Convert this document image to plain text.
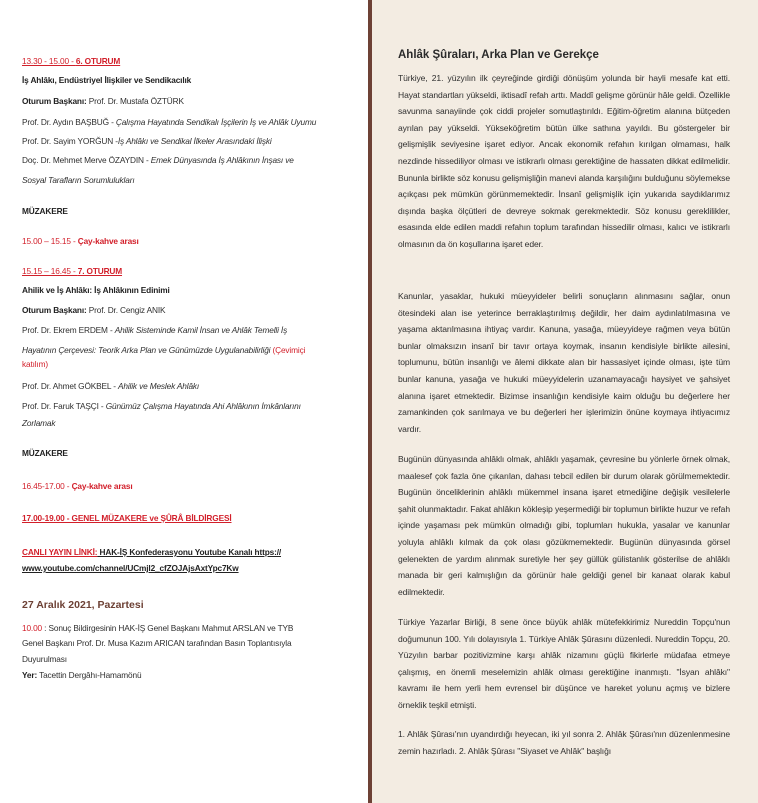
13.30 - 15.00 - 6. OTURUM
İş Ahlâkı, Endüstriyel İlişkiler ve Sendikacılık
Oturum Başkanı: Prof. Dr. Mustafa ÖZTÜRK
Prof. Dr. Aydın BAŞBUĞ - Çalışma Hayatında Sendikalı İşçilerin İş ve Ahlâk Uyumu
Prof. Dr. Sayim YORĞUN -İş Ahlâkı ve Sendikal İlkeler Arasındaki İlişki
Doç. Dr. Mehmet Merve ÖZAYDIN - Emek Dünyasında İş Ahlâkının İnşası ve
Sosyal Tarafların Sorumlulukları
MÜZAKERE
15.00 – 15.15 - Çay-kahve arası
15.15 – 16.45 - 7. OTURUM
Ahilik ve İş Ahlâkı: İş Ahlâkının Edinimi
Oturum Başkanı: Prof. Dr. Cengiz ANIK
Prof. Dr. Ekrem ERDEM - Ahilik Sisteminde Kamil İnsan ve Ahlâk Temelli İş
Hayatının Çerçevesi: Teorik Arka Plan ve Günümüzde Uygulanabilirliği (Çevimiçi
katılım)
Prof. Dr. Ahmet GÖKBEL - Ahilik ve Meslek Ahlâkı
Prof. Dr. Faruk TAŞÇI - Günümüz Çalışma Hayatında Ahi Ahlâkının İmkânlarını
Zorlamak
MÜZAKERE
16.45-17.00 - Çay-kahve arası
17.00-19.00 - GENEL MÜZAKERE ve ŞÛRÂ BİLDİRGESİ
CANLI YAYIN LİNKİ: HAK-İŞ Konfederasyonu Youtube Kanalı https://
www.youtube.com/channel/UCmjI2_cfZOJAjsAxtYpc7Kw
27 Aralık 2021, Pazartesi
10.00 : Sonuç Bildirgesinin HAK-İŞ Genel Başkanı Mahmut ARSLAN ve TYB
Genel Başkanı Prof. Dr. Musa Kazım ARICAN tarafından Basın Toplantısıyla
Duyurulması
Yer: Tacettin Dergâhı-Hamamönü
Ahlâk Şûraları, Arka Plan ve Gerekçe
Türkiye, 21. yüzyılın ilk çeyreğinde girdiği dönüşüm yolunda bir hayli mesafe kat etti. Hayat standartları yükseldi, iktisadî refah arttı. Maddî gelişme görünür hâle geldi. Özellikle savunma sanayiinde çok ciddi projeler somutlaştırıldı. Eğitim-öğretim alanına bütçeden ayrılan pay yükseldi. Yükseköğretim bütün ülke sathına yayıldı. Bu göstergeler bir gelişmişlik seviyesine işaret ediyor. Ancak ekonomik refahın kırılgan olmaması, halk nezdinde hissediliyor olması ve istikrarlı olması gerektiğine de hassaten dikkat edilmelidir. Bununla birlikte söz konusu gelişmişliğin manevi alanda karşılığını bulduğunu söylemekse açıkçası pek mümkün görünmemektedir. İnsanî gelişmişlik için yukarıda saydıklarımız dışında başka ölçütleri de devreye sokmak gerekmektedir. Söz konusu gereklilikler, esasında elde edilen maddi refahın toplum tarafından hissedilir olması, kalıcı ve istikrarlı olmasının da ön koşullarına işaret eder.
Kanunlar, yasaklar, hukuki müeyyideler belirli sonuçların alınmasını sağlar, onun ötesindeki alan ise yeterince berraklaştırılmış değildir, her daim aydınlatılmasına ve yaşama aktarılmasına ihtiyaç vardır. Kanuna, yasağa, müeyyideye rağmen veya bütün bunlar olmaksızın insanî bir tavır ortaya koymak, insanın kendisiyle birlikte ailesini, toplumunu, bütün insanlığı ve âlemi dikkate alan bir hassasiyet içinde olması, işte tüm bunlar kanuna, yasağa ve hukuki müeyyidelerin uzanamayacağı haysiyet ve şahsiyet alanına işaret etmektedir. Bizimse insanlığın kendisiyle kaim olduğu bu değerlere her zamankinden çok sarılmaya ve bu değerleri her işlerimizin önüne koymaya ihtiyacımız vardır.
Bugünün dünyasında ahlâklı olmak, ahlâklı yaşamak, çevresine bu yönlerle örnek olmak, maalesef çok fazla öne çıkarılan, dahası tebcil edilen bir durum olarak görülmemektedir. Bugünün önceliklerinin ahlâklı mükemmel insana işaret etmediğine değişik vesilelerle şahit olunmaktadır. Fakat ahlâkın kökleşip yeşermediği bir toplumun birlikte huzur ve refah içinde yaşaması pek mümkün olmadığı gibi, toplumları hukukla, yasalar ve kanunlar yoluyla ahlâklı kılmak da çok olası gözükmemektedir. Bugünün dünyasında görsel gelenekten de yardım alınmak suretiyle her şey güllük gülistanlık gösterilse de ahlâklı manada bir geri kalmışlığın da görünür hale geldiği genel bir kanaat olarak kabul edilmektedir.
Türkiye Yazarlar Birliği, 8 sene önce büyük ahlâk mütefekkirimiz Nureddin Topçu'nun doğumunun 100. Yılı dolayısıyla 1. Türkiye Ahlâk Şûrasını düzenledi. Nureddin Topçu, 20. Yüzyılın barbar pozitivizmine karşı ahlâk nizamını güçlü fikirlerle müdafaa etmeye çalışmış, en önemli meselemizin ahlâk olması gerektiğine inanmıştı. "İsyan ahlâkı" kavramı ile hem yerli hem evrensel bir düşünce ve hareket yolunu açmış ve bizlere örneklik teşkil etmişti.
1. Ahlâk Şûrası'nın uyandırdığı heyecan, iki yıl sonra 2. Ahlâk Şûrası'nın düzenlenmesine zemin hazırladı. 2. Ahlâk Şûrası "Siyaset ve Ahlâk" başlığı
